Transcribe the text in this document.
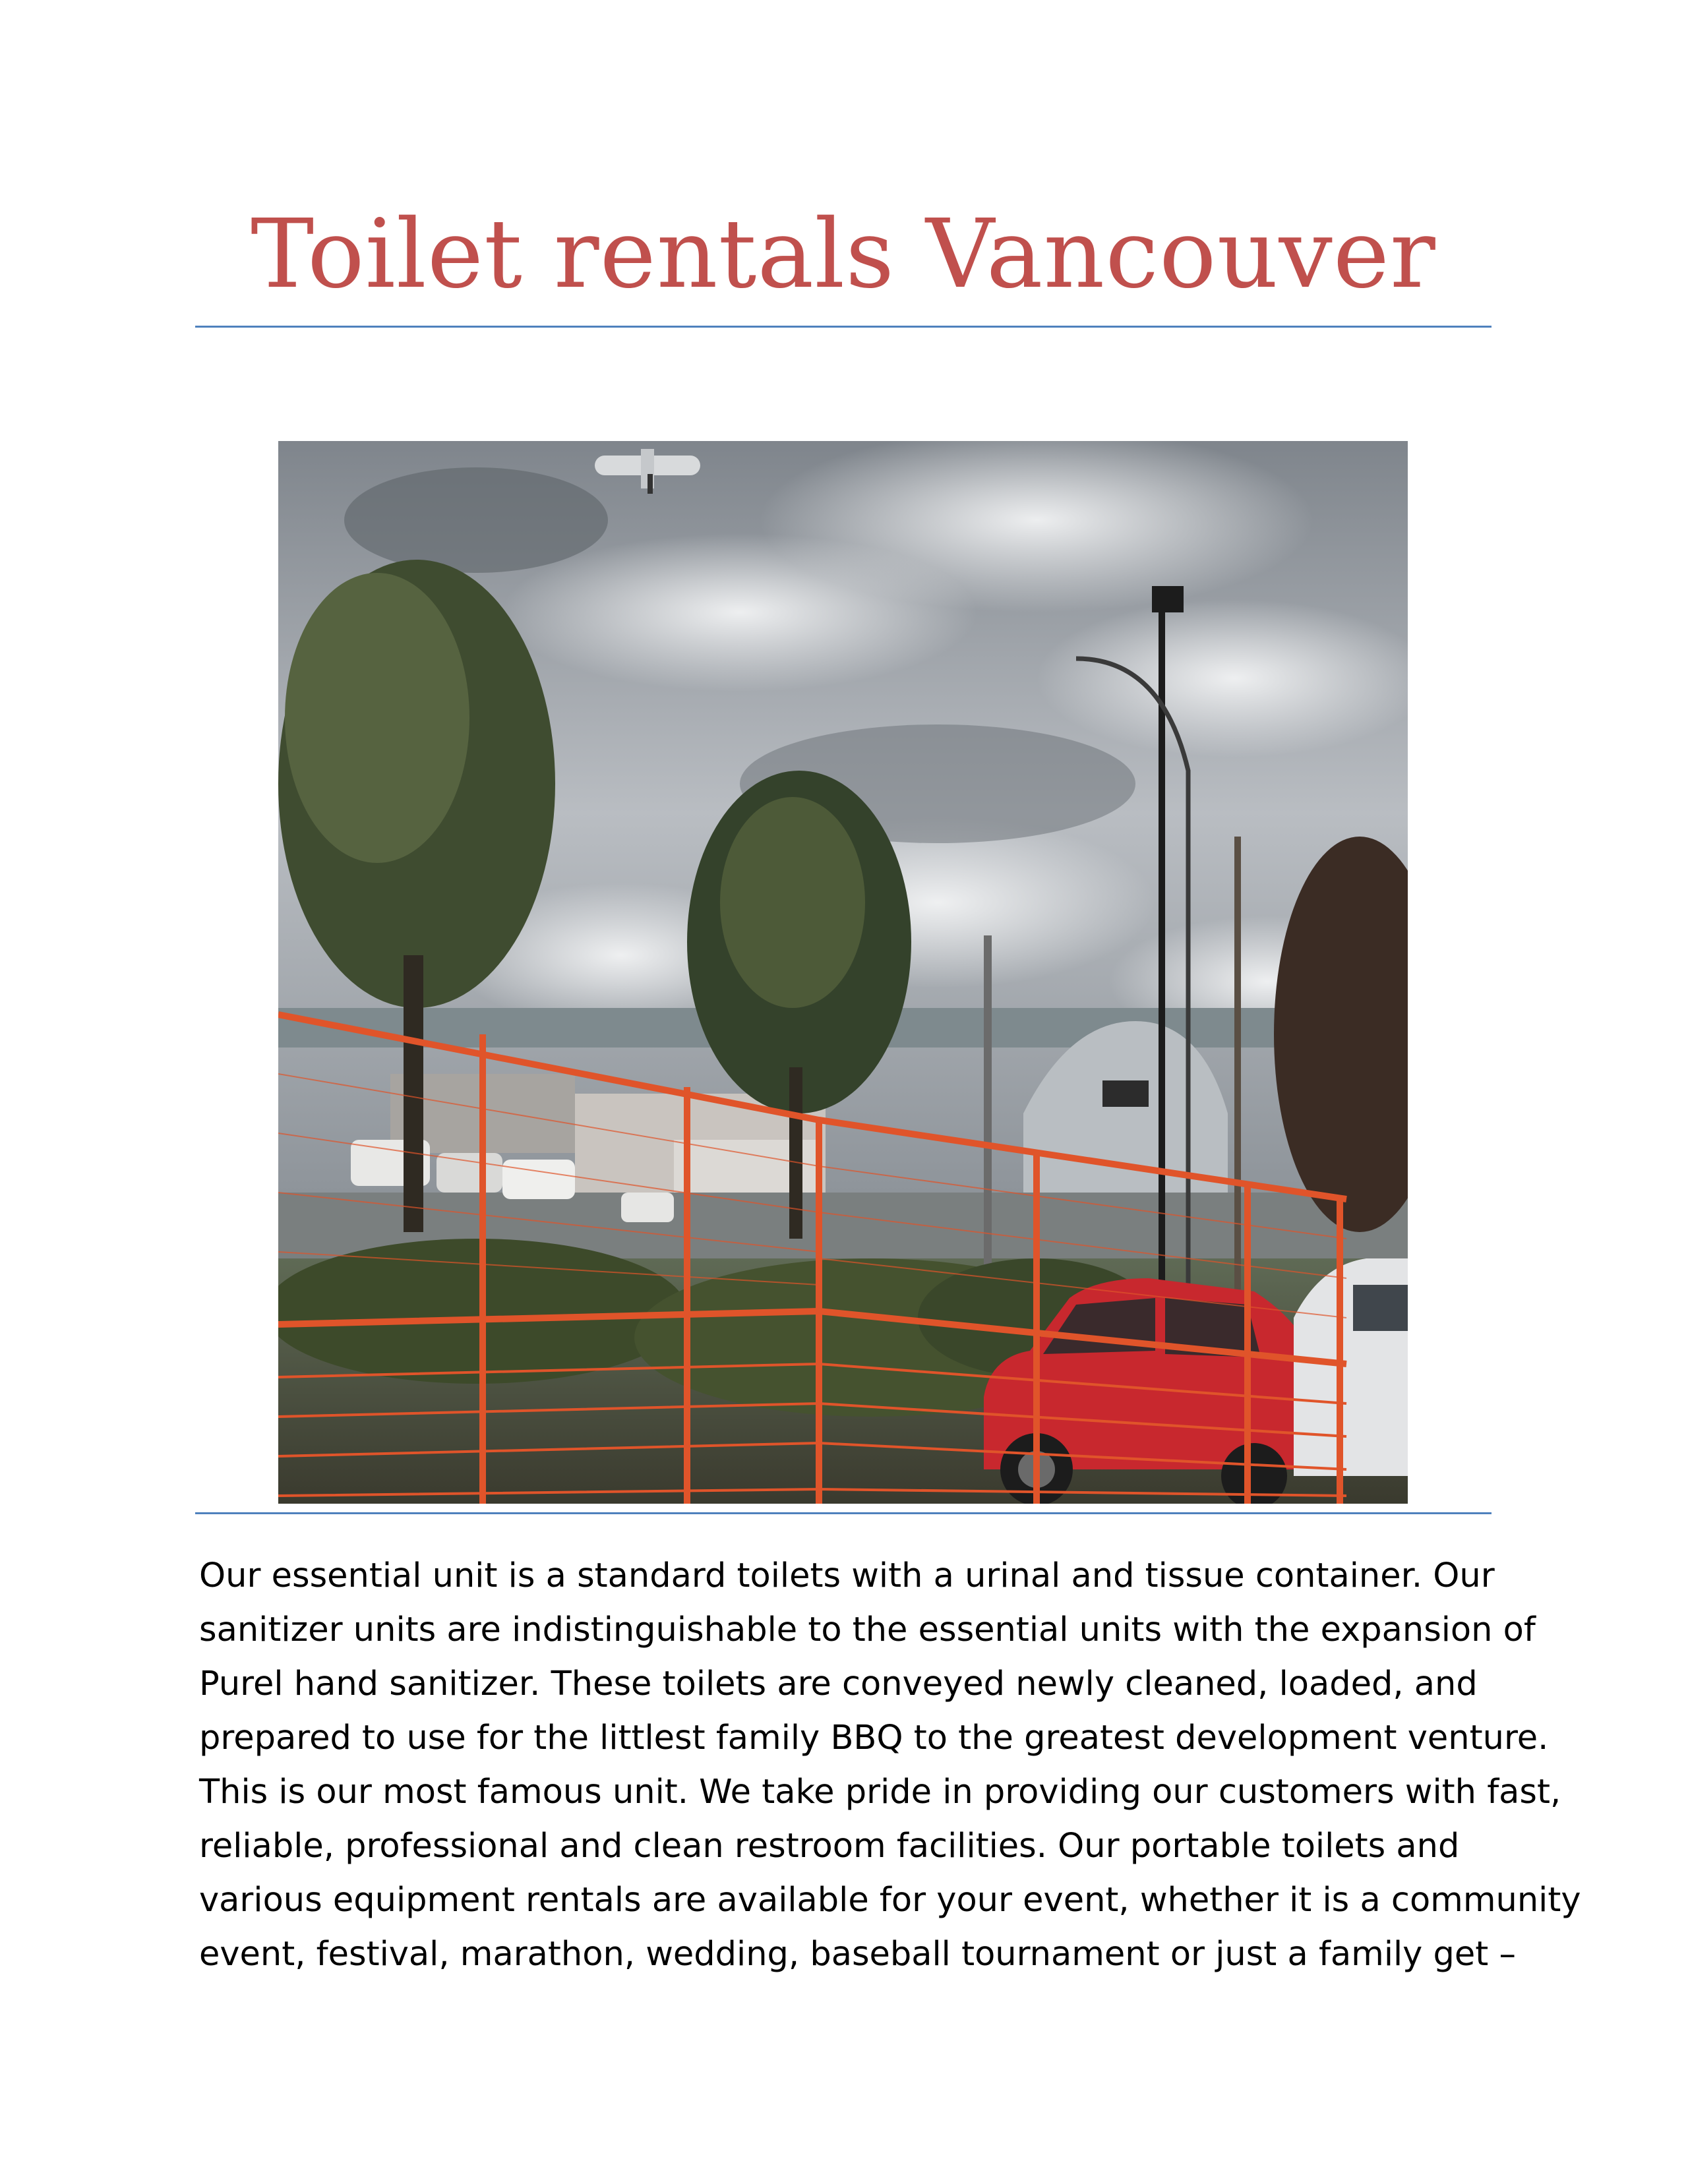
Toilet rentals Vancouver

Our essential unit is a standard toilets with a urinal and tissue container. Our
sanitizer units are indistinguishable to the essential units with the expansion of
Purel hand sanitizer. These toilets are conveyed newly cleaned, loaded, and
prepared to use for the littlest family BBQ to the greatest development venture.
This is our most famous unit. We take pride in providing our customers with fast,
reliable, professional and clean restroom facilities. Our portable toilets and
various equipment rentals are available for your event, whether it is a community
event, festival, marathon, wedding, baseball tournament or just a family get –
